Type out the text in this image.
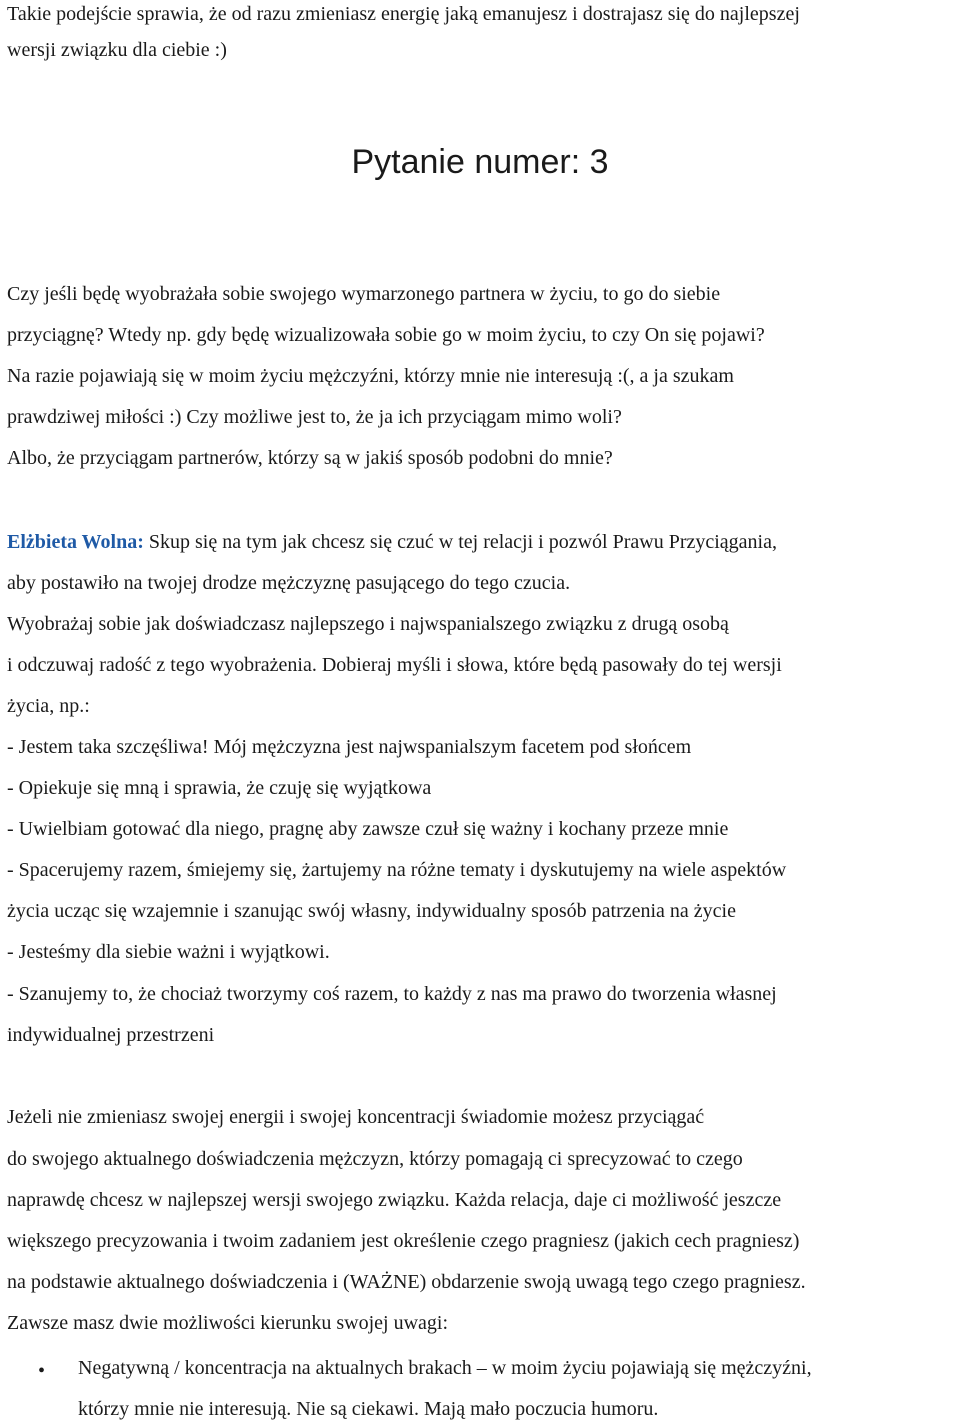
Takie podejście sprawia, że od razu zmieniasz energię jaką emanujesz i dostrajasz się do najlepszej
wersji związku dla ciebie :)
Pytanie numer: 3
Czy jeśli będę wyobrażała sobie swojego wymarzonego partnera w życiu, to go do siebie
przyciągnę? Wtedy np. gdy będę wizualizowała sobie go w moim życiu, to czy On się pojawi?
Na razie pojawiają się w moim życiu mężczyźni, którzy mnie nie interesują :(, a ja szukam
prawdziwej miłości :) Czy możliwe jest to, że ja ich przyciągam mimo woli?
Albo, że przyciągam partnerów, którzy są w jakiś sposób podobni do mnie?
Elżbieta Wolna: Skup się na tym jak chcesz się czuć w tej relacji i pozwól Prawu Przyciągania,
aby postawiło na twojej drodze mężczyznę pasującego do tego czucia.
Wyobrażaj sobie jak doświadczasz najlepszego i najwspanialszego związku z drugą osobą
i odczuwaj radość z tego wyobrażenia. Dobieraj myśli i słowa, które będą pasowały do tej wersji
życia, np.:
- Jestem taka szczęśliwa! Mój mężczyzna jest najwspanialszym facetem pod słońcem
- Opiekuje się mną i sprawia, że czuję się wyjątkowa
- Uwielbiam gotować dla niego, pragnę aby zawsze czuł się ważny i kochany przeze mnie
- Spacerujemy razem, śmiejemy się, żartujemy na różne tematy i dyskutujemy na wiele aspektów
życia ucząc się wzajemnie i szanując swój własny, indywidualny sposób patrzenia na życie
- Jesteśmy dla siebie ważni i wyjątkowi.
- Szanujemy to, że chociaż tworzymy coś razem, to każdy z nas ma prawo do tworzenia własnej
indywidualnej przestrzeni
Jeżeli nie zmieniasz swojej energii i swojej koncentracji świadomie możesz przyciągać
do swojego aktualnego doświadczenia mężczyzn, którzy pomagają ci sprecyzować to czego
naprawdę chcesz w najlepszej wersji swojego związku. Każda relacja, daje ci możliwość jeszcze
większego precyzowania i twoim zadaniem jest określenie czego pragniesz (jakich cech pragniesz)
na podstawie aktualnego doświadczenia i (WAŻNE) obdarzenie swoją uwagą tego czego pragniesz.
Zawsze masz dwie możliwości kierunku swojej uwagi:
• Negatywną / koncentracja na aktualnych brakach – w moim życiu pojawiają się mężczyźni,
którzy mnie nie interesują. Nie są ciekawi. Mają mało poczucia humoru.
